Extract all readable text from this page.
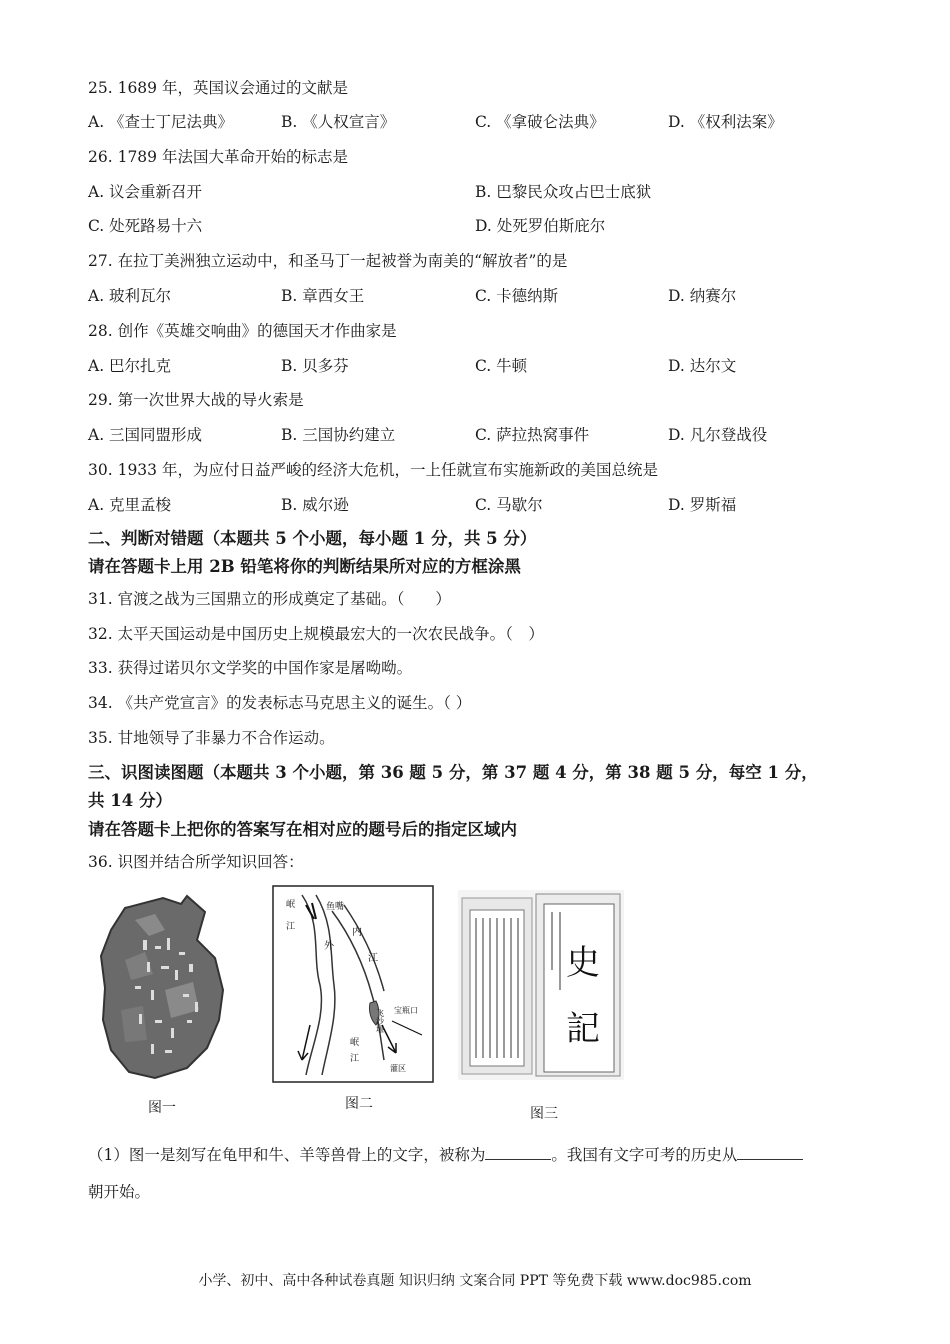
25. 1689 年，英国议会通过的文献是
A. 《查士丁尼法典》	B. 《人权宣言》	C. 《拿破仑法典》	D. 《权利法案》
26. 1789 年法国大革命开始的标志是
A. 议会重新召开	B. 巴黎民众攻占巴士底狱
C. 处死路易十六	D. 处死罗伯斯庇尔
27. 在拉丁美洲独立运动中，和圣马丁一起被誉为南美的“解放者”的是
A. 玻利瓦尔	B. 章西女王	C. 卡德纳斯	D. 纳赛尔
28. 创作《英雄交响曲》的德国天才作曲家是
A. 巴尔扎克	B. 贝多芬	C. 牛顿	D. 达尔文
29. 第一次世界大战的导火索是
A. 三国同盟形成	B. 三国协约建立	C. 萨拉热窝事件	D. 凡尔登战役
30. 1933 年，为应付日益严峻的经济大危机，一上任就宣布实施新政的美国总统是
A. 克里孟梭	B. 威尔逊	C. 马歇尔	D. 罗斯福
二、判断对错题（本题共 5 个小题，每小题 1 分，共 5 分）
请在答题卡上用 2B 铅笔将你的判断结果所对应的方框涂黑
31. 官渡之战为三国鼎立的形成奠定了基础。（　　）
32. 太平天国运动是中国历史上规模最宏大的一次农民战争。（　）
33. 获得过诺贝尔文学奖的中国作家是屠呦呦。
34. 《共产党宣言》的发表标志马克思主义的诞生。（ ）
35. 甘地领导了非暴力不合作运动。
三、识图读图题（本题共 3 个小题，第 36 题 5 分，第 37 题 4 分，第 38 题 5 分，每空 1 分，
共 14 分）
请在答题卡上把你的答案写在相对应的题号后的指定区域内
36. 识图并结合所学知识回答：
图一
岷
江
鱼嘴
外
内
江
飞沙堰 宝瓶口
岷
江
灌区
图二
史
記
图三
（1）图一是刻写在龟甲和牛、羊等兽骨上的文字，被称为	。我国有文字可考的历史从
朝开始。
小学、初中、高中各种试卷真题 知识归纳 文案合同 PPT 等免费下载 www.doc985.com
